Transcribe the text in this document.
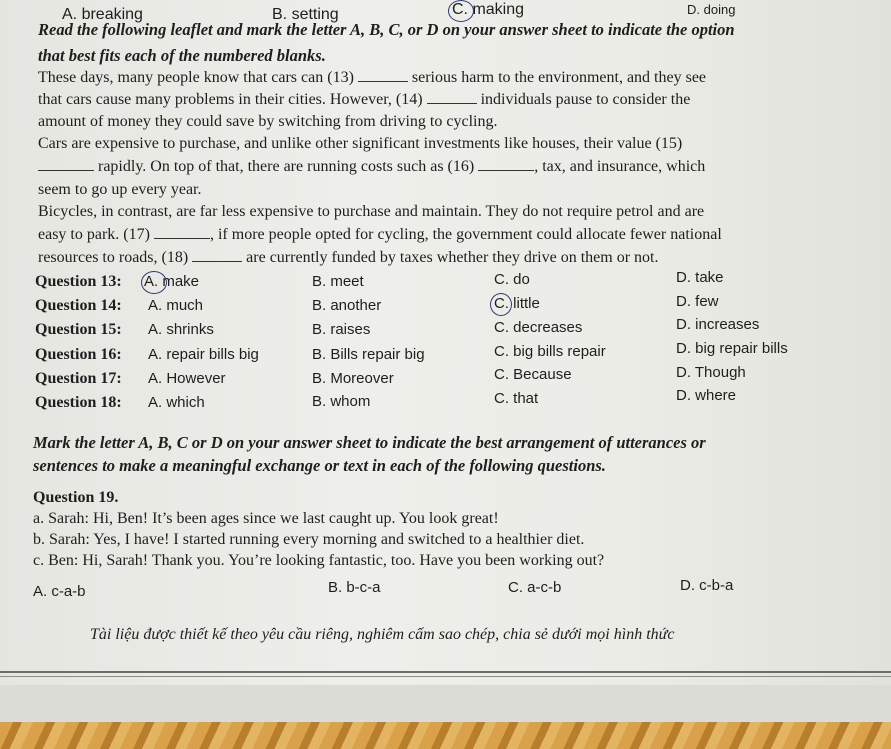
A. breaking	B. setting	C. making	D. doing
Read the following leaflet and mark the letter A, B, C, or D on your answer sheet to indicate the option
that best fits each of the numbered blanks.
These days, many people know that cars can (13)	serious harm to the environment, and they see
that cars cause many problems in their cities. However, (14)	individuals pause to consider the
amount of money they could save by switching from driving to cycling.
Cars are expensive to purchase, and unlike other significant investments like houses, their value (15)
rapidly. On top of that, there are running costs such as (16)	, tax, and insurance, which
seem to go up every year.
Bicycles, in contrast, are far less expensive to purchase and maintain. They do not require petrol and are
easy to park. (17)	, if more people opted for cycling, the government could allocate fewer national
resources to roads, (18)	are currently funded by taxes whether they drive on them or not.
Question 13: A. make	B. meet	C. do	D. take
Question 14: A. much	B. another	C. little	D. few
Question 15: A. shrinks	B. raises	C. decreases	D. increases
Question 16: A. repair bills big	B. Bills repair big	C. big bills repair	D. big repair bills
Question 17: A. However	B. Moreover	C. Because	D. Though
Question 18: A. which	B. whom	C. that	D. where
Mark the letter A, B, C or D on your answer sheet to indicate the best arrangement of utterances or
sentences to make a meaningful exchange or text in each of the following questions.
Question 19.
a. Sarah: Hi, Ben! It’s been ages since we last caught up. You look great!
b. Sarah: Yes, I have! I started running every morning and switched to a healthier diet.
c. Ben: Hi, Sarah! Thank you. You’re looking fantastic, too. Have you been working out?
A. c-a-b	B. b-c-a	C. a-c-b	D. c-b-a
Tài liệu được thiết kế theo yêu cầu riêng, nghiêm cấm sao chép, chia sẻ dưới mọi hình thức
